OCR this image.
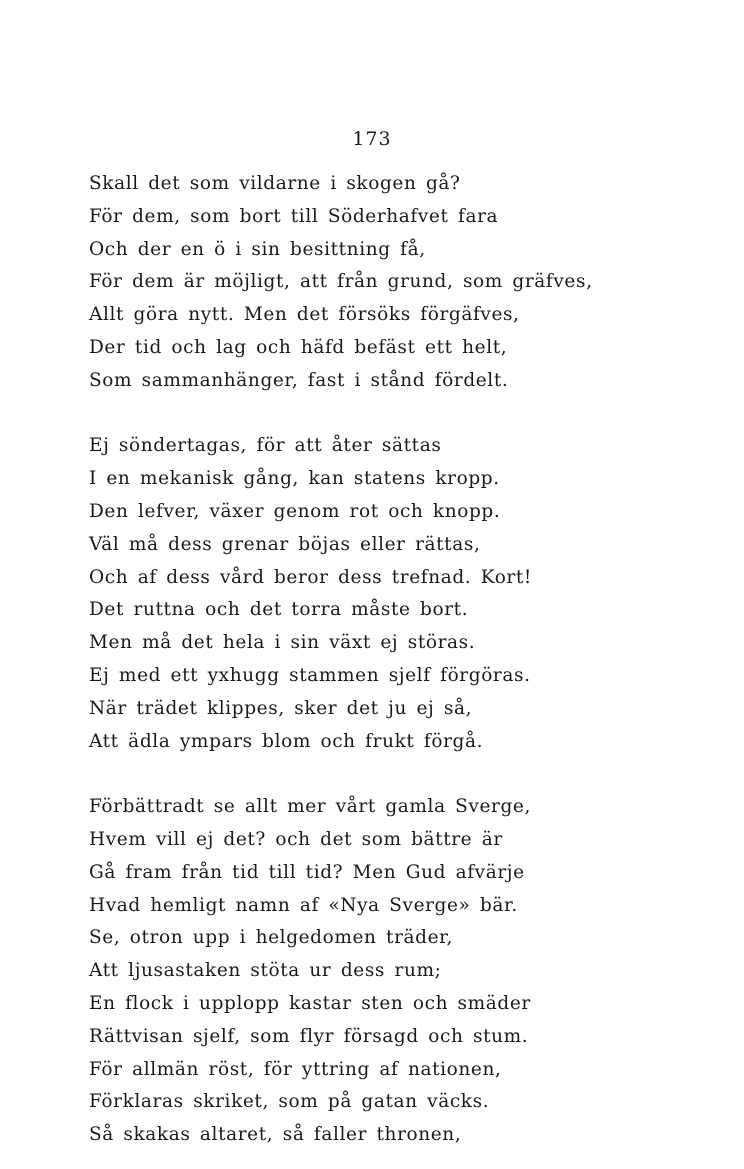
173
Skall det som vildarne i skogen gå?
För dem, som bort till Söderhafvet fara
Och der en ö i sin besittning få,
För dem är möjligt, att från grund, som gräfves,
Allt göra nytt. Men det försöks förgäfves,
Der tid och lag och häfd befäst ett helt,
Som sammanhänger, fast i stånd fördelt.
Ej söndertagas, för att åter sättas
I en mekanisk gång, kan statens kropp.
Den lefver, växer genom rot och knopp.
Väl må dess grenar böjas eller rättas,
Och af dess vård beror dess trefnad. Kort!
Det ruttna och det torra måste bort.
Men må det hela i sin växt ej störas.
Ej med ett yxhugg stammen sjelf förgöras.
När trädet klippes, sker det ju ej så,
Att ädla ympars blom och frukt förgå.
Förbättradt se allt mer vårt gamla Sverge,
Hvem vill ej det? och det som bättre är
Gå fram från tid till tid? Men Gud afvärje
Hvad hemligt namn af «Nya Sverge» bär.
Se, otron upp i helgedomen träder,
Att ljusastaken stöta ur dess rum;
En flock i upplopp kastar sten och smäder
Rättvisan sjelf, som flyr försagd och stum.
För allmän röst, för yttring af nationen,
Förklaras skriket, som på gatan väcks.
Så skakas altaret, så faller thronen,
